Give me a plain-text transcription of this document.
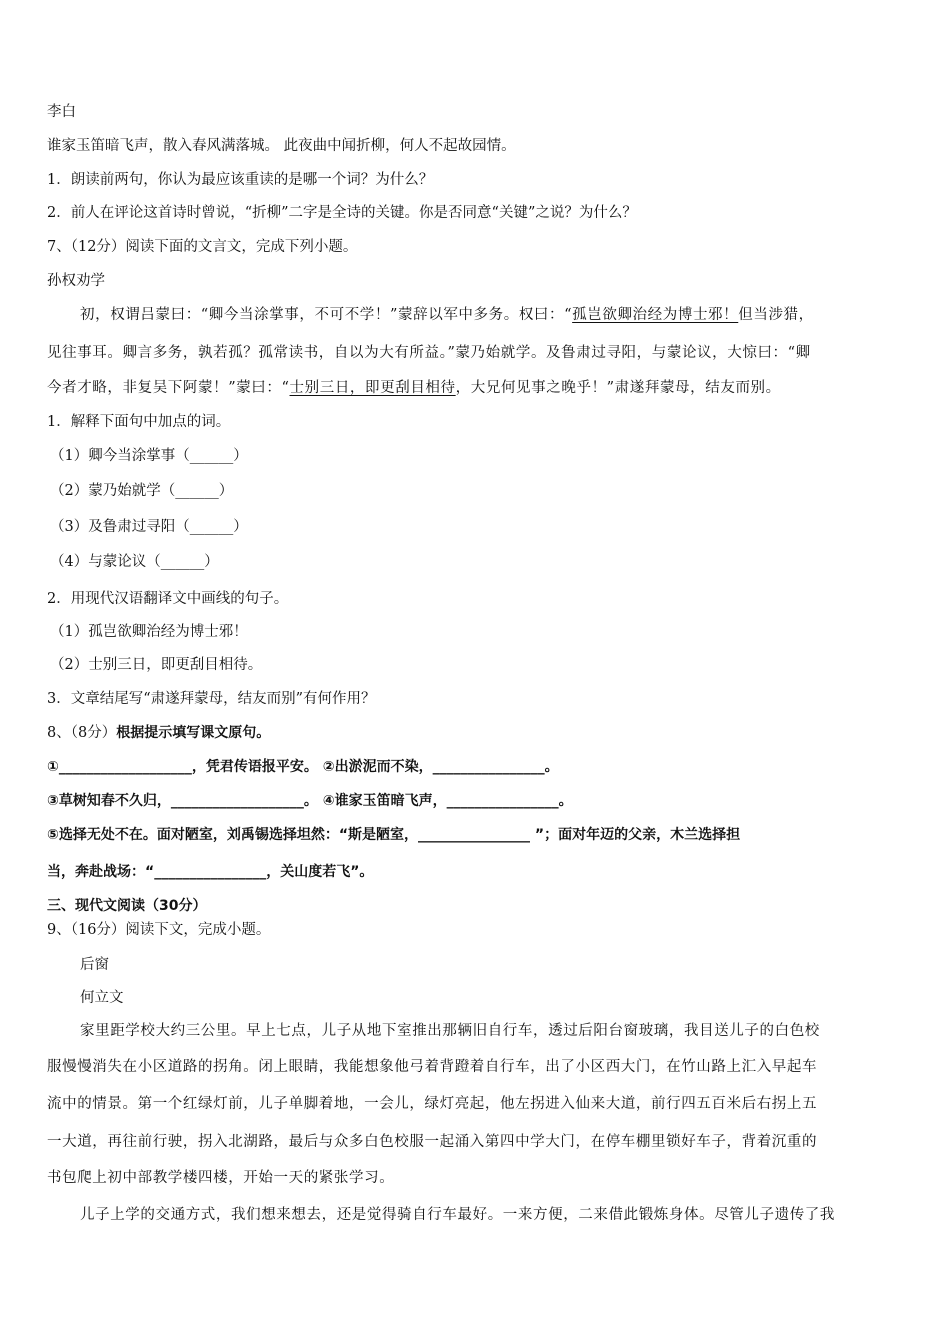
李白
谁家玉笛暗飞声，散入春风满落城。 此夜曲中闻折柳，何人不起故园情。
1．朗读前两句，你认为最应该重读的是哪一个词？为什么？
2．前人在评论这首诗时曾说，“折柳”二字是全诗的关键。你是否同意“关键”之说？为什么？
7、（12分）阅读下面的文言文，完成下列小题。
孙权劝学
初，权谓吕蒙曰：“卿今当涂掌事，不可不学！”蒙辞以军中多务。权曰：“孤岂欲卿治经为博士邪！但当涉猎，
见往事耳。卿言多务，孰若孤？孤常读书，自以为大有所益。”蒙乃始就学。及鲁肃过寻阳，与蒙论议，大惊曰：“卿
今者才略，非复吴下阿蒙！”蒙曰：“士别三日，即更刮目相待，大兄何见事之晚乎！”肃遂拜蒙母，结友而别。
1．解释下面句中加点的词。
（1）卿今当涂掌事（______）
（2）蒙乃始就学（______）
（3）及鲁肃过寻阳（______）
（4）与蒙论议（______）
2．用现代汉语翻译文中画线的句子。
（1）孤岂欲卿治经为博士邪！
（2）士别三日，即更刮目相待。
3．文章结尾写“肃遂拜蒙母，结友而别”有何作用？
8、（8分）根据提示填写课文原句。
①___________________，凭君传语报平安。 ②出淤泥而不染，________________。
③草树知春不久归，___________________。 ④谁家玉笛暗飞声，________________。
⑤选择无处不在。面对陋室，刘禹锡选择坦然：“斯是陋室，________________ ”；面对年迈的父亲，木兰选择担
当，奔赴战场：“________________，关山度若飞”。
三、现代文阅读（30分）
9、（16分）阅读下文，完成小题。
后窗
何立文
家里距学校大约三公里。早上七点，儿子从地下室推出那辆旧自行车，透过后阳台窗玻璃，我目送儿子的白色校
服慢慢消失在小区道路的拐角。闭上眼睛，我能想象他弓着背蹬着自行车，出了小区西大门，在竹山路上汇入早起车
流中的情景。第一个红绿灯前，儿子单脚着地，一会儿，绿灯亮起，他左拐进入仙来大道，前行四五百米后右拐上五
一大道，再往前行驶，拐入北湖路，最后与众多白色校服一起涌入第四中学大门，在停车棚里锁好车子，背着沉重的
书包爬上初中部教学楼四楼，开始一天的紧张学习。
儿子上学的交通方式，我们想来想去，还是觉得骑自行车最好。一来方便，二来借此锻炼身体。尽管儿子遗传了我
